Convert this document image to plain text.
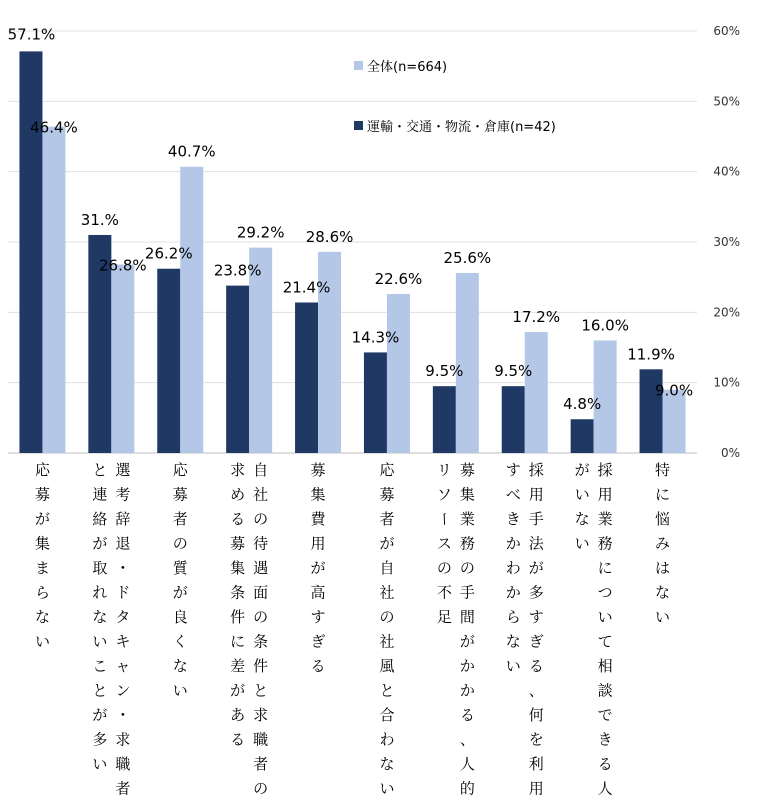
57.1%
46.4%
31.%
26.8%
26.2%
40.7%
23.8%
29.2%
21.4%
28.6%
14.3%
22.6%
9.5%
25.6%
9.5%
17.2%
4.8%
16.0%
11.9%
9.0%
0%
10%
20%
30%
40%
50%
60%
応
募
が
集
ま
ら
な
い
選
考
辞
退
・
ド
タ
キ
ャ
ン
・
求
職
者
と
連
絡
が
取
れ
な
い
こ
と
が
多
い
応
募
者
の
質
が
良
く
な
い
自
社
の
待
遇
面
の
条
件
と
求
職
者
の
求
め
る
募
集
条
件
に
差
が
あ
る
募
集
費
用
が
高
す
ぎ
る
応
募
者
が
自
社
の
社
風
と
合
わ
な
い
募
集
業
務
の
手
間
が
か
か
る
、
人
的
リ
ソ
ー
ス
の
不
足
採
用
手
法
が
多
す
ぎ
る
、
何
を
利
用
す
べ
き
か
わ
か
ら
な
い
採
用
業
務
に
つ
い
て
相
談
で
き
る
人
が
い
な
い
特
に
悩
み
は
な
い
全体(n=664)
運輸・交通・物流・倉庫(n=42)
